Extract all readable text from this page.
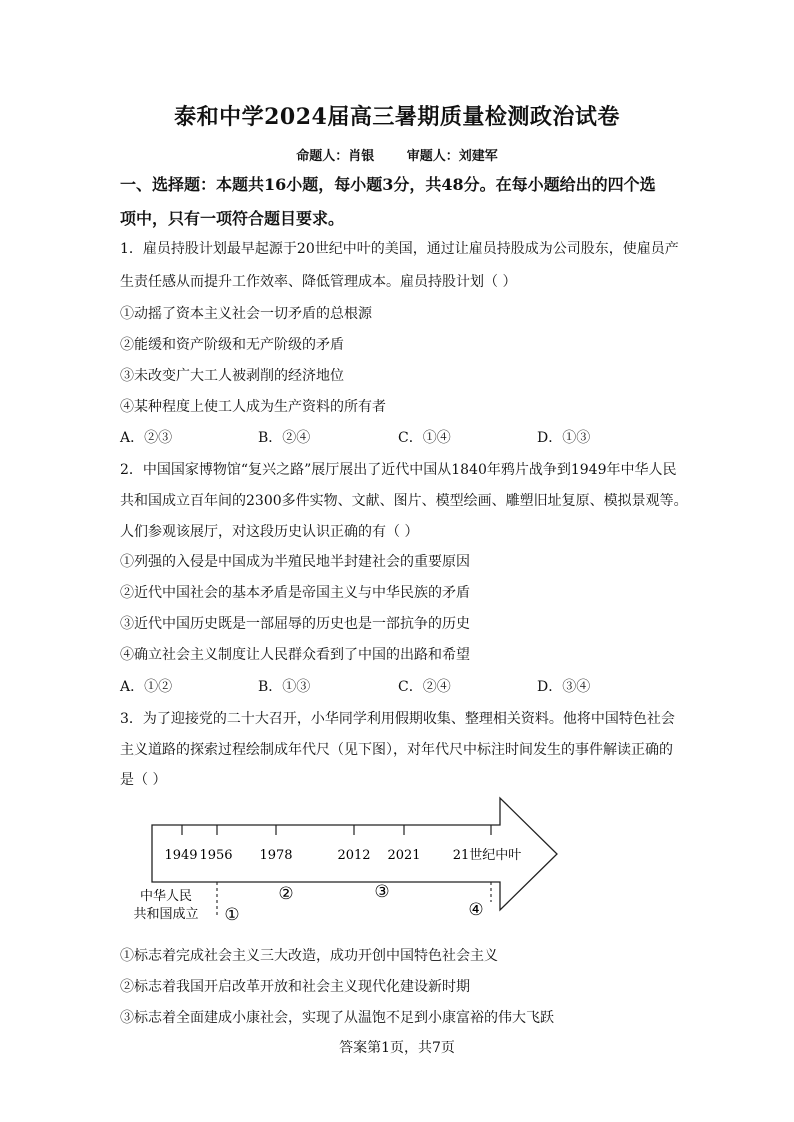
泰和中学2024届高三暑期质量检测政治试卷
命题人：肖银	审题人：刘建军
一、选择题：本题共16小题，每小题3分，共48分。在每小题给出的四个选
项中，只有一项符合题目要求。
1．雇员持股计划最早起源于20世纪中叶的美国，通过让雇员持股成为公司股东，使雇员产
生责任感从而提升工作效率、降低管理成本。雇员持股计划（ ）
①动摇了资本主义社会一切矛盾的总根源
②能缓和资产阶级和无产阶级的矛盾
③未改变广大工人被剥削的经济地位
④某种程度上使工人成为生产资料的所有者
A．②③	B．②④	C．①④	D．①③
2．中国国家博物馆“复兴之路”展厅展出了近代中国从1840年鸦片战争到1949年中华人民
共和国成立百年间的2300多件实物、文献、图片、模型绘画、雕塑旧址复原、模拟景观等。
人们参观该展厅，对这段历史认识正确的有（ ）
①列强的入侵是中国成为半殖民地半封建社会的重要原因
②近代中国社会的基本矛盾是帝国主义与中华民族的矛盾
③近代中国历史既是一部屈辱的历史也是一部抗争的历史
④确立社会主义制度让人民群众看到了中国的出路和希望
A．①②	B．①③	C．②④	D．③④
3．为了迎接党的二十大召开，小华同学利用假期收集、整理相关资料。他将中国特色社会
主义道路的探索过程绘制成年代尺（见下图），对年代尺中标注时间发生的事件解读正确的
是（ ）
1949 1956 1978	2012 2021 21世纪中叶
中华人民
共和国成立 ①
②	③
④
①标志着完成社会主义三大改造，成功开创中国特色社会主义
②标志着我国开启改革开放和社会主义现代化建设新时期
③标志着全面建成小康社会，实现了从温饱不足到小康富裕的伟大飞跃
答案第1页，共7页
